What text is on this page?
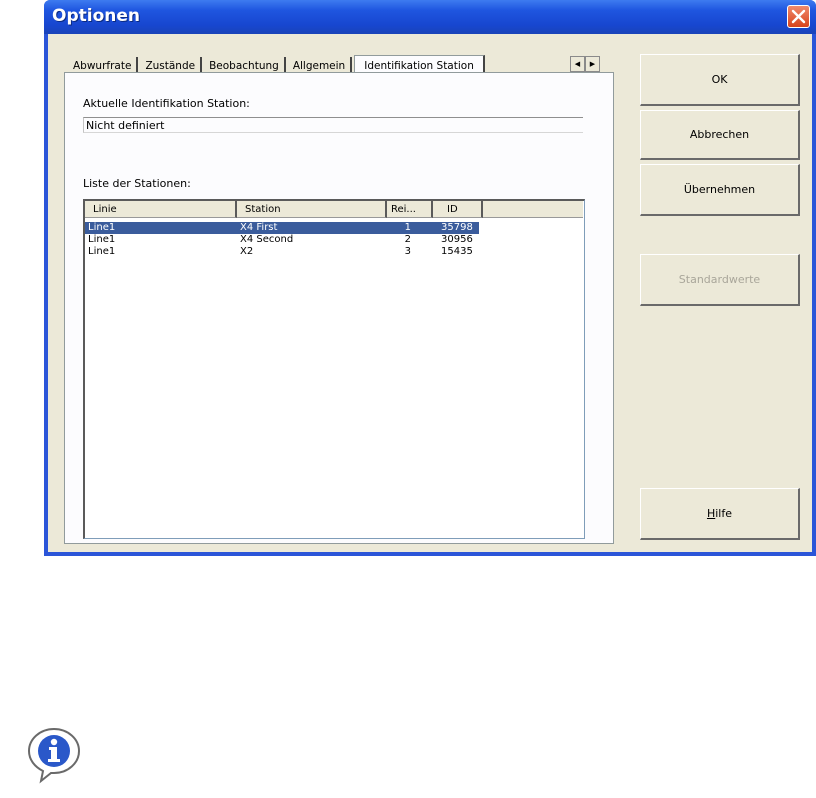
Optionen
Abwurfrate	Zustände	Beobachtung	Allgemein	Identifikation Station	◀	▶
Aktuelle Identifikation Station:
Nicht definiert
Liste der Stationen:
Linie	Station	Rei...	ID
Line1	X4 First	1	35798
Line1	X4 Second	2	30956
Line1	X2	3	15435
OK
Abbrechen
Übernehmen
Standardwerte
Hilfe
